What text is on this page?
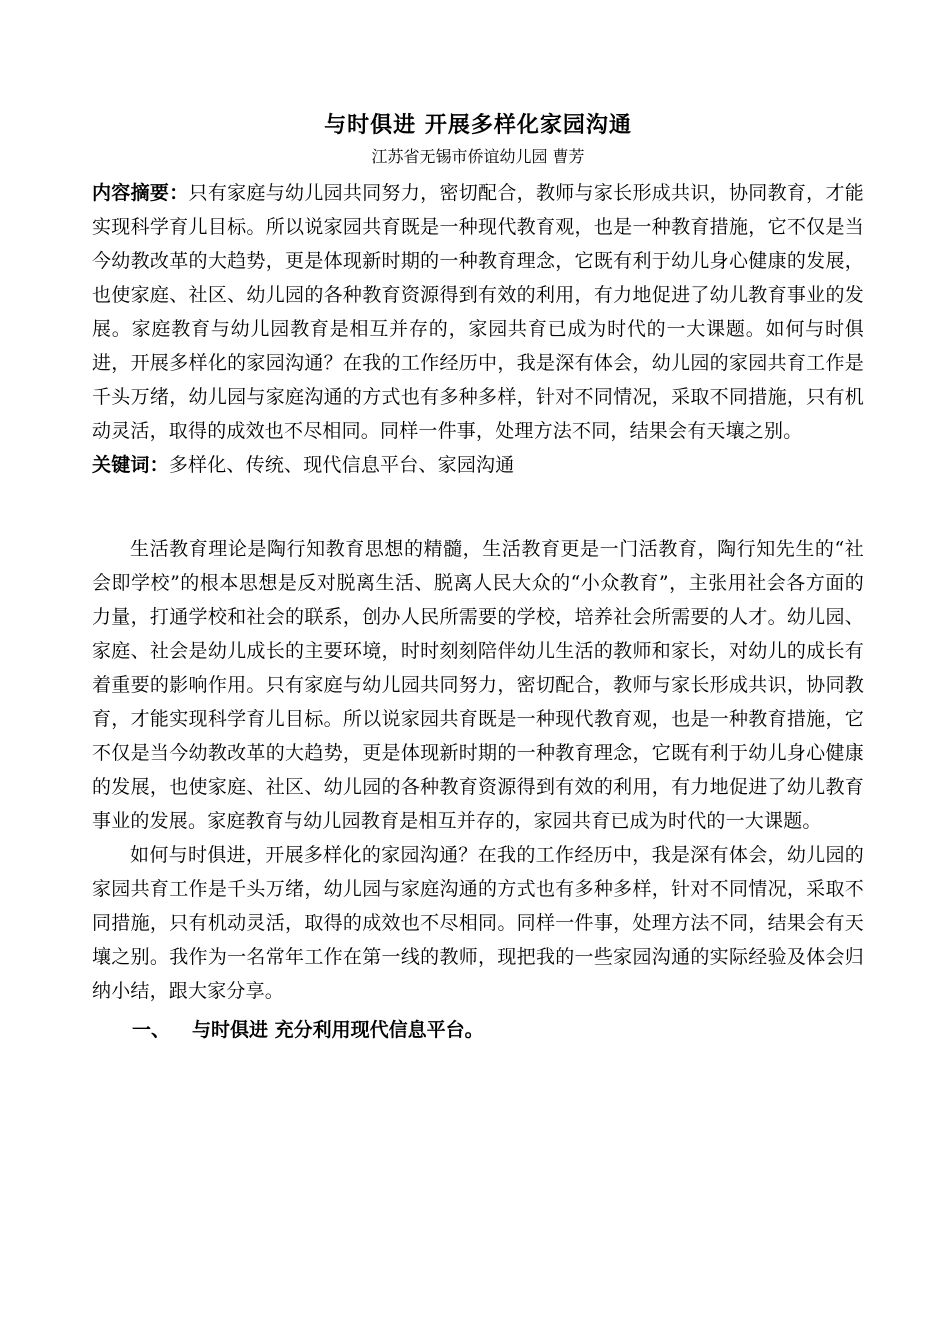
与时俱进 开展多样化家园沟通

江苏省无锡市侨谊幼儿园 曹芳

内容摘要：只有家庭与幼儿园共同努力，密切配合，教师与家长形成共识，协同教育，才能实现科学育儿目标。所以说家园共育既是一种现代教育观，也是一种教育措施，它不仅是当今幼教改革的大趋势，更是体现新时期的一种教育理念，它既有利于幼儿身心健康的发展，也使家庭、社区、幼儿园的各种教育资源得到有效的利用，有力地促进了幼儿教育事业的发展。家庭教育与幼儿园教育是相互并存的，家园共育已成为时代的一大课题。如何与时俱进，开展多样化的家园沟通？在我的工作经历中，我是深有体会，幼儿园的家园共育工作是千头万绪，幼儿园与家庭沟通的方式也有多种多样，针对不同情况，采取不同措施，只有机动灵活，取得的成效也不尽相同。同样一件事，处理方法不同，结果会有天壤之别。

关键词：多样化、传统、现代信息平台、家园沟通

生活教育理论是陶行知教育思想的精髓，生活教育更是一门活教育，陶行知先生的“社会即学校”的根本思想是反对脱离生活、脱离人民大众的“小众教育”，主张用社会各方面的力量，打通学校和社会的联系，创办人民所需要的学校，培养社会所需要的人才。幼儿园、家庭、社会是幼儿成长的主要环境，时时刻刻陪伴幼儿生活的教师和家长，对幼儿的成长有着重要的影响作用。只有家庭与幼儿园共同努力，密切配合，教师与家长形成共识，协同教育，才能实现科学育儿目标。所以说家园共育既是一种现代教育观，也是一种教育措施，它不仅是当今幼教改革的大趋势，更是体现新时期的一种教育理念，它既有利于幼儿身心健康的发展，也使家庭、社区、幼儿园的各种教育资源得到有效的利用，有力地促进了幼儿教育事业的发展。家庭教育与幼儿园教育是相互并存的，家园共育已成为时代的一大课题。

如何与时俱进，开展多样化的家园沟通？在我的工作经历中，我是深有体会，幼儿园的家园共育工作是千头万绪，幼儿园与家庭沟通的方式也有多种多样，针对不同情况，采取不同措施，只有机动灵活，取得的成效也不尽相同。同样一件事，处理方法不同，结果会有天壤之别。我作为一名常年工作在第一线的教师，现把我的一些家园沟通的实际经验及体会归纳小结，跟大家分享。

一、 与时俱进 充分利用现代信息平台。
